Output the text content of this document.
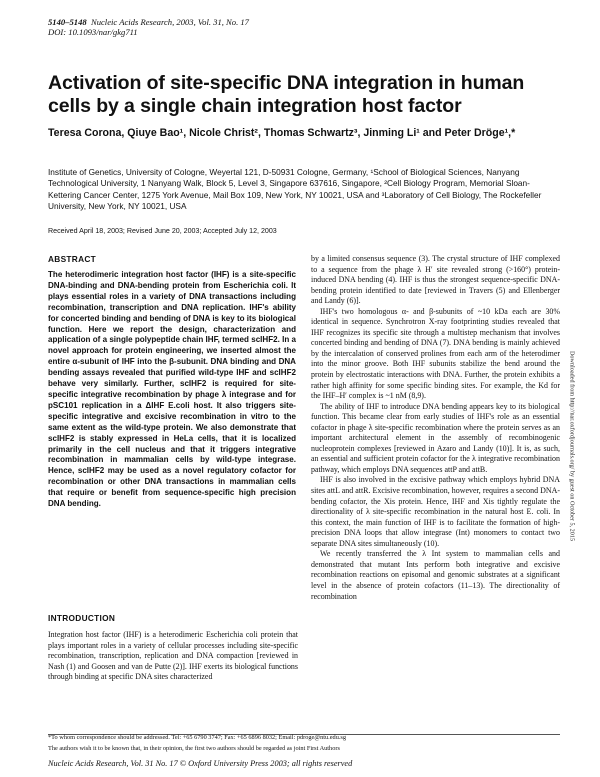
5140–5148 Nucleic Acids Research, 2003, Vol. 31, No. 17
DOI: 10.1093/nar/gkg711
Activation of site-specific DNA integration in human cells by a single chain integration host factor
Teresa Corona, Qiuye Bao¹, Nicole Christ², Thomas Schwartz³, Jinming Li¹ and Peter Dröge¹,*
Institute of Genetics, University of Cologne, Weyertal 121, D-50931 Cologne, Germany, ¹School of Biological Sciences, Nanyang Technological University, 1 Nanyang Walk, Block 5, Level 3, Singapore 637616, Singapore, ²Cell Biology Program, Memorial Sloan-Kettering Cancer Center, 1275 York Avenue, Mail Box 109, New York, NY 10021, USA and ³Laboratory of Cell Biology, The Rockefeller University, New York, NY 10021, USA
Received April 18, 2003; Revised June 20, 2003; Accepted July 12, 2003
ABSTRACT
The heterodimeric integration host factor (IHF) is a site-specific DNA-binding and DNA-bending protein from Escherichia coli. It plays essential roles in a variety of DNA transactions including recombination, transcription and DNA replication. IHF's ability for concerted binding and bending of DNA is key to its biological function. Here we report the design, characterization and application of a single polypeptide chain IHF, termed scIHF2. In a novel approach for protein engineering, we inserted almost the entire α-subunit of IHF into the β-subunit. DNA binding and DNA bending assays revealed that purified wild-type IHF and scIHF2 behave very similarly. Further, scIHF2 is required for site-specific integrative recombination by phage λ integrase and for pSC101 replication in a ΔIHF E.coli host. It also triggers site-specific integrative and excisive recombination in vitro to the same extent as the wild-type protein. We also demonstrate that scIHF2 is stably expressed in HeLa cells, that it is localized primarily in the cell nucleus and that it triggers integrative recombination in mammalian cells by wild-type integrase. Hence, scIHF2 may be used as a novel regulatory cofactor for recombination or other DNA transactions in mammalian cells that require or benefit from sequence-specific high precision DNA bending.
INTRODUCTION
Integration host factor (IHF) is a heterodimeric Escherichia coli protein that plays important roles in a variety of cellular processes including site-specific recombination, transcription, replication and DNA compaction [reviewed in Nash (1) and Goosen and van de Putte (2)]. IHF exerts its biological functions through binding at specific DNA sites characterized

by a limited consensus sequence (3). The crystal structure of IHF complexed to a sequence from the phage λ H′ site revealed strong (>160°) protein-induced DNA bending (4). IHF is thus the strongest sequence-specific DNA-bending protein identified to date [reviewed in Travers (5) and Ellenberger and Landy (6)].

IHF's two homologous α- and β-subunits of ~10 kDa each are 30% identical in sequence. Synchrotron X-ray footprinting studies revealed that IHF recognizes its specific site through a multistep mechanism that involves concerted binding and bending of DNA (7). DNA bending is mainly achieved by the intercalation of conserved prolines from each arm of the heterodimer into the minor groove. Both IHF subunits stabilize the bend around the protein by electrostatic interactions with DNA. Further, the protein exhibits a rather high affinity for some specific binding sites. For example, the Kd for the IHF–H′ complex is ~1 nM (8,9).

The ability of IHF to introduce DNA bending appears key to its biological function. This became clear from early studies of IHF's role as an essential cofactor in phage λ site-specific recombination where the protein serves as an important architectural element in the assembly of recombinogenic nucleoprotein complexes [reviewed in Azaro and Landy (10)]. It is, as such, an essential and sufficient protein cofactor for the λ integrative recombination pathway, which employs DNA sequences attP and attB.

IHF is also involved in the excisive pathway which employs hybrid DNA sites attL and attR. Excisive recombination, however, requires a second DNA-bending cofactor, the Xis protein. Hence, IHF and Xis tightly regulate the directionality of λ site-specific recombination in the natural host E. coli. In this context, the main function of IHF is to facilitate the formation of high-precision DNA loops that allow integrase (Int) monomers to contact two separate DNA sites simultaneously (10).

We recently transferred the λ Int system to mammalian cells and demonstrated that mutant Ints perform both integrative and excisive recombination reactions on episomal and genomic substrates at a significant level in the absence of protein cofactors (11–13). The directionality of recombination

Downloaded from http://nar.oxfordjournals.org/ by guest on October 5, 2015
*To whom correspondence should be addressed. Tel: +65 6790 3747; Fax: +65 6896 8032; Email: pdroge@ntu.edu.sg
The authors wish it to be known that, in their opinion, the first two authors should be regarded as joint First Authors
Nucleic Acids Research, Vol. 31 No. 17 © Oxford University Press 2003; all rights reserved
